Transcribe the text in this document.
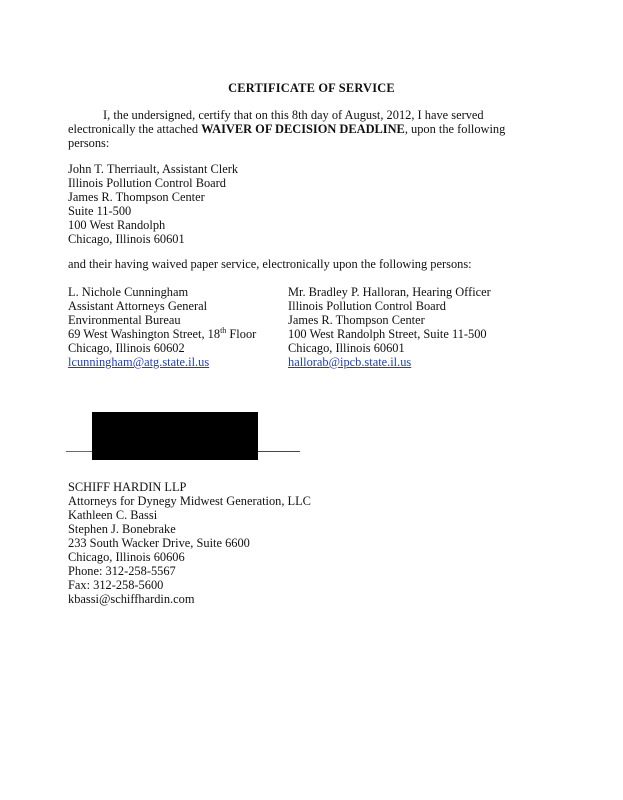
CERTIFICATE OF SERVICE
I, the undersigned, certify that on this 8th day of August, 2012, I have served electronically the attached WAIVER OF DECISION DEADLINE, upon the following persons:
John T. Therriault, Assistant Clerk
Illinois Pollution Control Board
James R. Thompson Center
Suite 11-500
100 West Randolph
Chicago, Illinois 60601
and their having waived paper service, electronically upon the following persons:
L. Nichole Cunningham
Assistant Attorneys General
Environmental Bureau
69 West Washington Street, 18th Floor
Chicago, Illinois 60602
lcunningham@atg.state.il.us
Mr. Bradley P. Halloran, Hearing Officer
Illinois Pollution Control Board
James R. Thompson Center
100 West Randolph Street, Suite 11-500
Chicago, Illinois 60601
hallorab@ipcb.state.il.us
SCHIFF HARDIN LLP
Attorneys for Dynegy Midwest Generation, LLC
Kathleen C. Bassi
Stephen J. Bonebrake
233 South Wacker Drive, Suite 6600
Chicago, Illinois 60606
Phone: 312-258-5567
Fax: 312-258-5600
kbassi@schiffhardin.com
